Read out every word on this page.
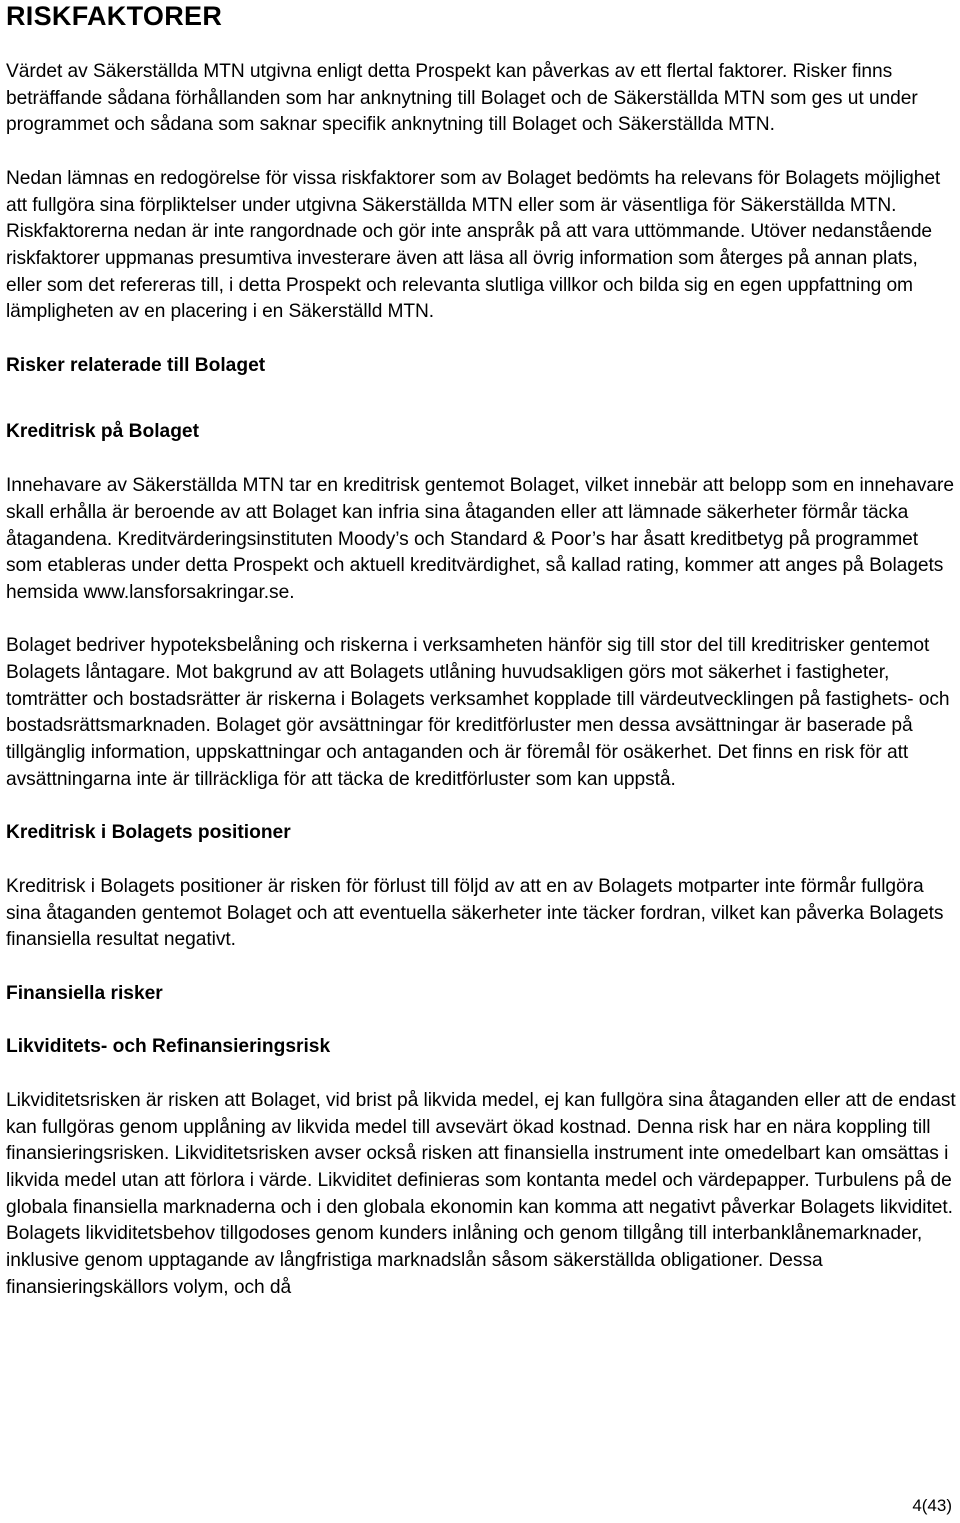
RISKFAKTORER

Värdet av Säkerställda MTN utgivna enligt detta Prospekt kan påverkas av ett flertal faktorer. Risker finns beträffande sådana förhållanden som har anknytning till Bolaget och de Säkerställda MTN som ges ut under programmet och sådana som saknar specifik anknytning till Bolaget och Säkerställda MTN.

Nedan lämnas en redogörelse för vissa riskfaktorer som av Bolaget bedömts ha relevans för Bolagets möjlighet att fullgöra sina förpliktelser under utgivna Säkerställda MTN eller som är väsentliga för Säkerställda MTN. Riskfaktorerna nedan är inte rangordnade och gör inte anspråk på att vara uttömmande. Utöver nedanstående riskfaktorer uppmanas presumtiva investerare även att läsa all övrig information som återges på annan plats, eller som det refereras till, i detta Prospekt och relevanta slutliga villkor och bilda sig en egen uppfattning om lämpligheten av en placering i en Säkerställd MTN.

Risker relaterade till Bolaget
Kreditrisk på Bolaget

Innehavare av Säkerställda MTN tar en kreditrisk gentemot Bolaget, vilket innebär att belopp som en innehavare skall erhålla är beroende av att Bolaget kan infria sina åtaganden eller att lämnade säkerheter förmår täcka åtagandena. Kreditvärderingsinstituten Moody’s och Standard & Poor’s har åsatt kreditbetyg på programmet som etableras under detta Prospekt och aktuell kreditvärdighet, så kallad rating, kommer att anges på Bolagets hemsida www.lansforsakringar.se.

Bolaget bedriver hypoteksbelåning och riskerna i verksamheten hänför sig till stor del till kreditrisker gentemot Bolagets låntagare. Mot bakgrund av att Bolagets utlåning huvudsakligen görs mot säkerhet i fastigheter, tomträtter och bostadsrätter är riskerna i Bolagets verksamhet kopplade till värdeutvecklingen på fastighets- och bostadsrättsmarknaden. Bolaget gör avsättningar för kreditförluster men dessa avsättningar är baserade på tillgänglig information, uppskattningar och antaganden och är föremål för osäkerhet. Det finns en risk för att avsättningarna inte är tillräckliga för att täcka de kreditförluster som kan uppstå.

Kreditrisk i Bolagets positioner

Kreditrisk i Bolagets positioner är risken för förlust till följd av att en av Bolagets motparter inte förmår fullgöra sina åtaganden gentemot Bolaget och att eventuella säkerheter inte täcker fordran, vilket kan påverka Bolagets finansiella resultat negativt.

Finansiella risker
Likviditets- och Refinansieringsrisk

Likviditetsrisken är risken att Bolaget, vid brist på likvida medel, ej kan fullgöra sina åtaganden eller att de endast kan fullgöras genom upplåning av likvida medel till avsevärt ökad kostnad. Denna risk har en nära koppling till finansieringsrisken. Likviditetsrisken avser också risken att finansiella instrument inte omedelbart kan omsättas i likvida medel utan att förlora i värde. Likviditet definieras som kontanta medel och värdepapper. Turbulens på de globala finansiella marknaderna och i den globala ekonomin kan komma att negativt påverkar Bolagets likviditet. Bolagets likviditetsbehov tillgodoses genom kunders inlåning och genom tillgång till interbanklånemarknader, inklusive genom upptagande av långfristiga marknadslån såsom säkerställda obligationer. Dessa finansieringskällors volym, och då

4(43)
